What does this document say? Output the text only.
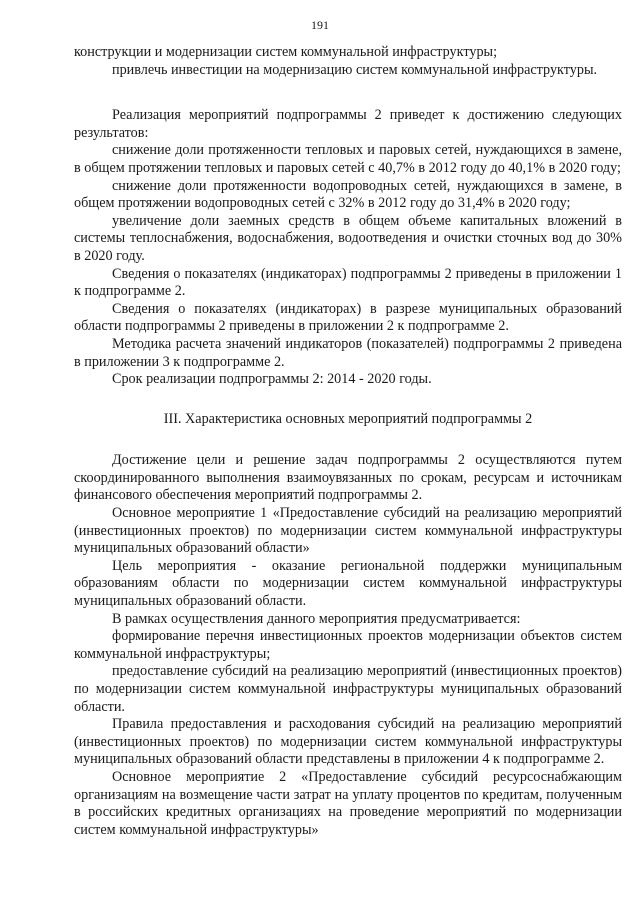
191

конструкции и модернизации систем коммунальной инфраструктуры;

привлечь инвестиции на модернизацию систем коммунальной инфраструктуры.

Реализация мероприятий подпрограммы 2 приведет к достижению следующих результатов:

снижение доли протяженности тепловых и паровых сетей, нуждающихся в замене, в общем протяжении тепловых и паровых сетей с 40,7% в 2012 году до 40,1% в 2020 году;

снижение доли протяженности водопроводных сетей, нуждающихся в замене, в общем протяжении водопроводных сетей с 32% в 2012 году до 31,4% в 2020 году;

увеличение доли заемных средств в общем объеме капитальных вложений в системы теплоснабжения, водоснабжения, водоотведения и очистки сточных вод до 30% в 2020 году.

Сведения о показателях (индикаторах) подпрограммы 2 приведены в приложении 1 к подпрограмме 2.

Сведения о показателях (индикаторах) в разрезе муниципальных образований области подпрограммы 2 приведены в приложении 2 к подпрограмме 2.

Методика расчета значений индикаторов (показателей) подпрограммы 2 приведена в приложении 3 к подпрограмме 2.

Срок реализации подпрограммы 2: 2014 - 2020 годы.

III. Характеристика основных мероприятий подпрограммы 2

Достижение цели и решение задач подпрограммы 2 осуществляются путем скоординированного выполнения взаимоувязанных по срокам, ресурсам и источникам финансового обеспечения мероприятий подпрограммы 2.

Основное мероприятие 1 «Предоставление субсидий на реализацию мероприятий (инвестиционных проектов) по модернизации систем коммунальной инфраструктуры муниципальных образований области»

Цель мероприятия - оказание региональной поддержки муниципальным образованиям области по модернизации систем коммунальной инфраструктуры муниципальных образований области.

В рамках осуществления данного мероприятия предусматривается:

формирование перечня инвестиционных проектов модернизации объектов систем коммунальной инфраструктуры;

предоставление субсидий на реализацию мероприятий (инвестиционных проектов) по модернизации систем коммунальной инфраструктуры муниципальных образований области.

Правила предоставления и расходования субсидий на реализацию мероприятий (инвестиционных проектов) по модернизации систем коммунальной инфраструктуры муниципальных образований области представлены в приложении 4 к подпрограмме 2.

Основное мероприятие 2 «Предоставление субсидий ресурсоснабжающим организациям на возмещение части затрат на уплату процентов по кредитам, полученным в российских кредитных организациях на проведение мероприятий по модернизации систем коммунальной инфраструктуры»
